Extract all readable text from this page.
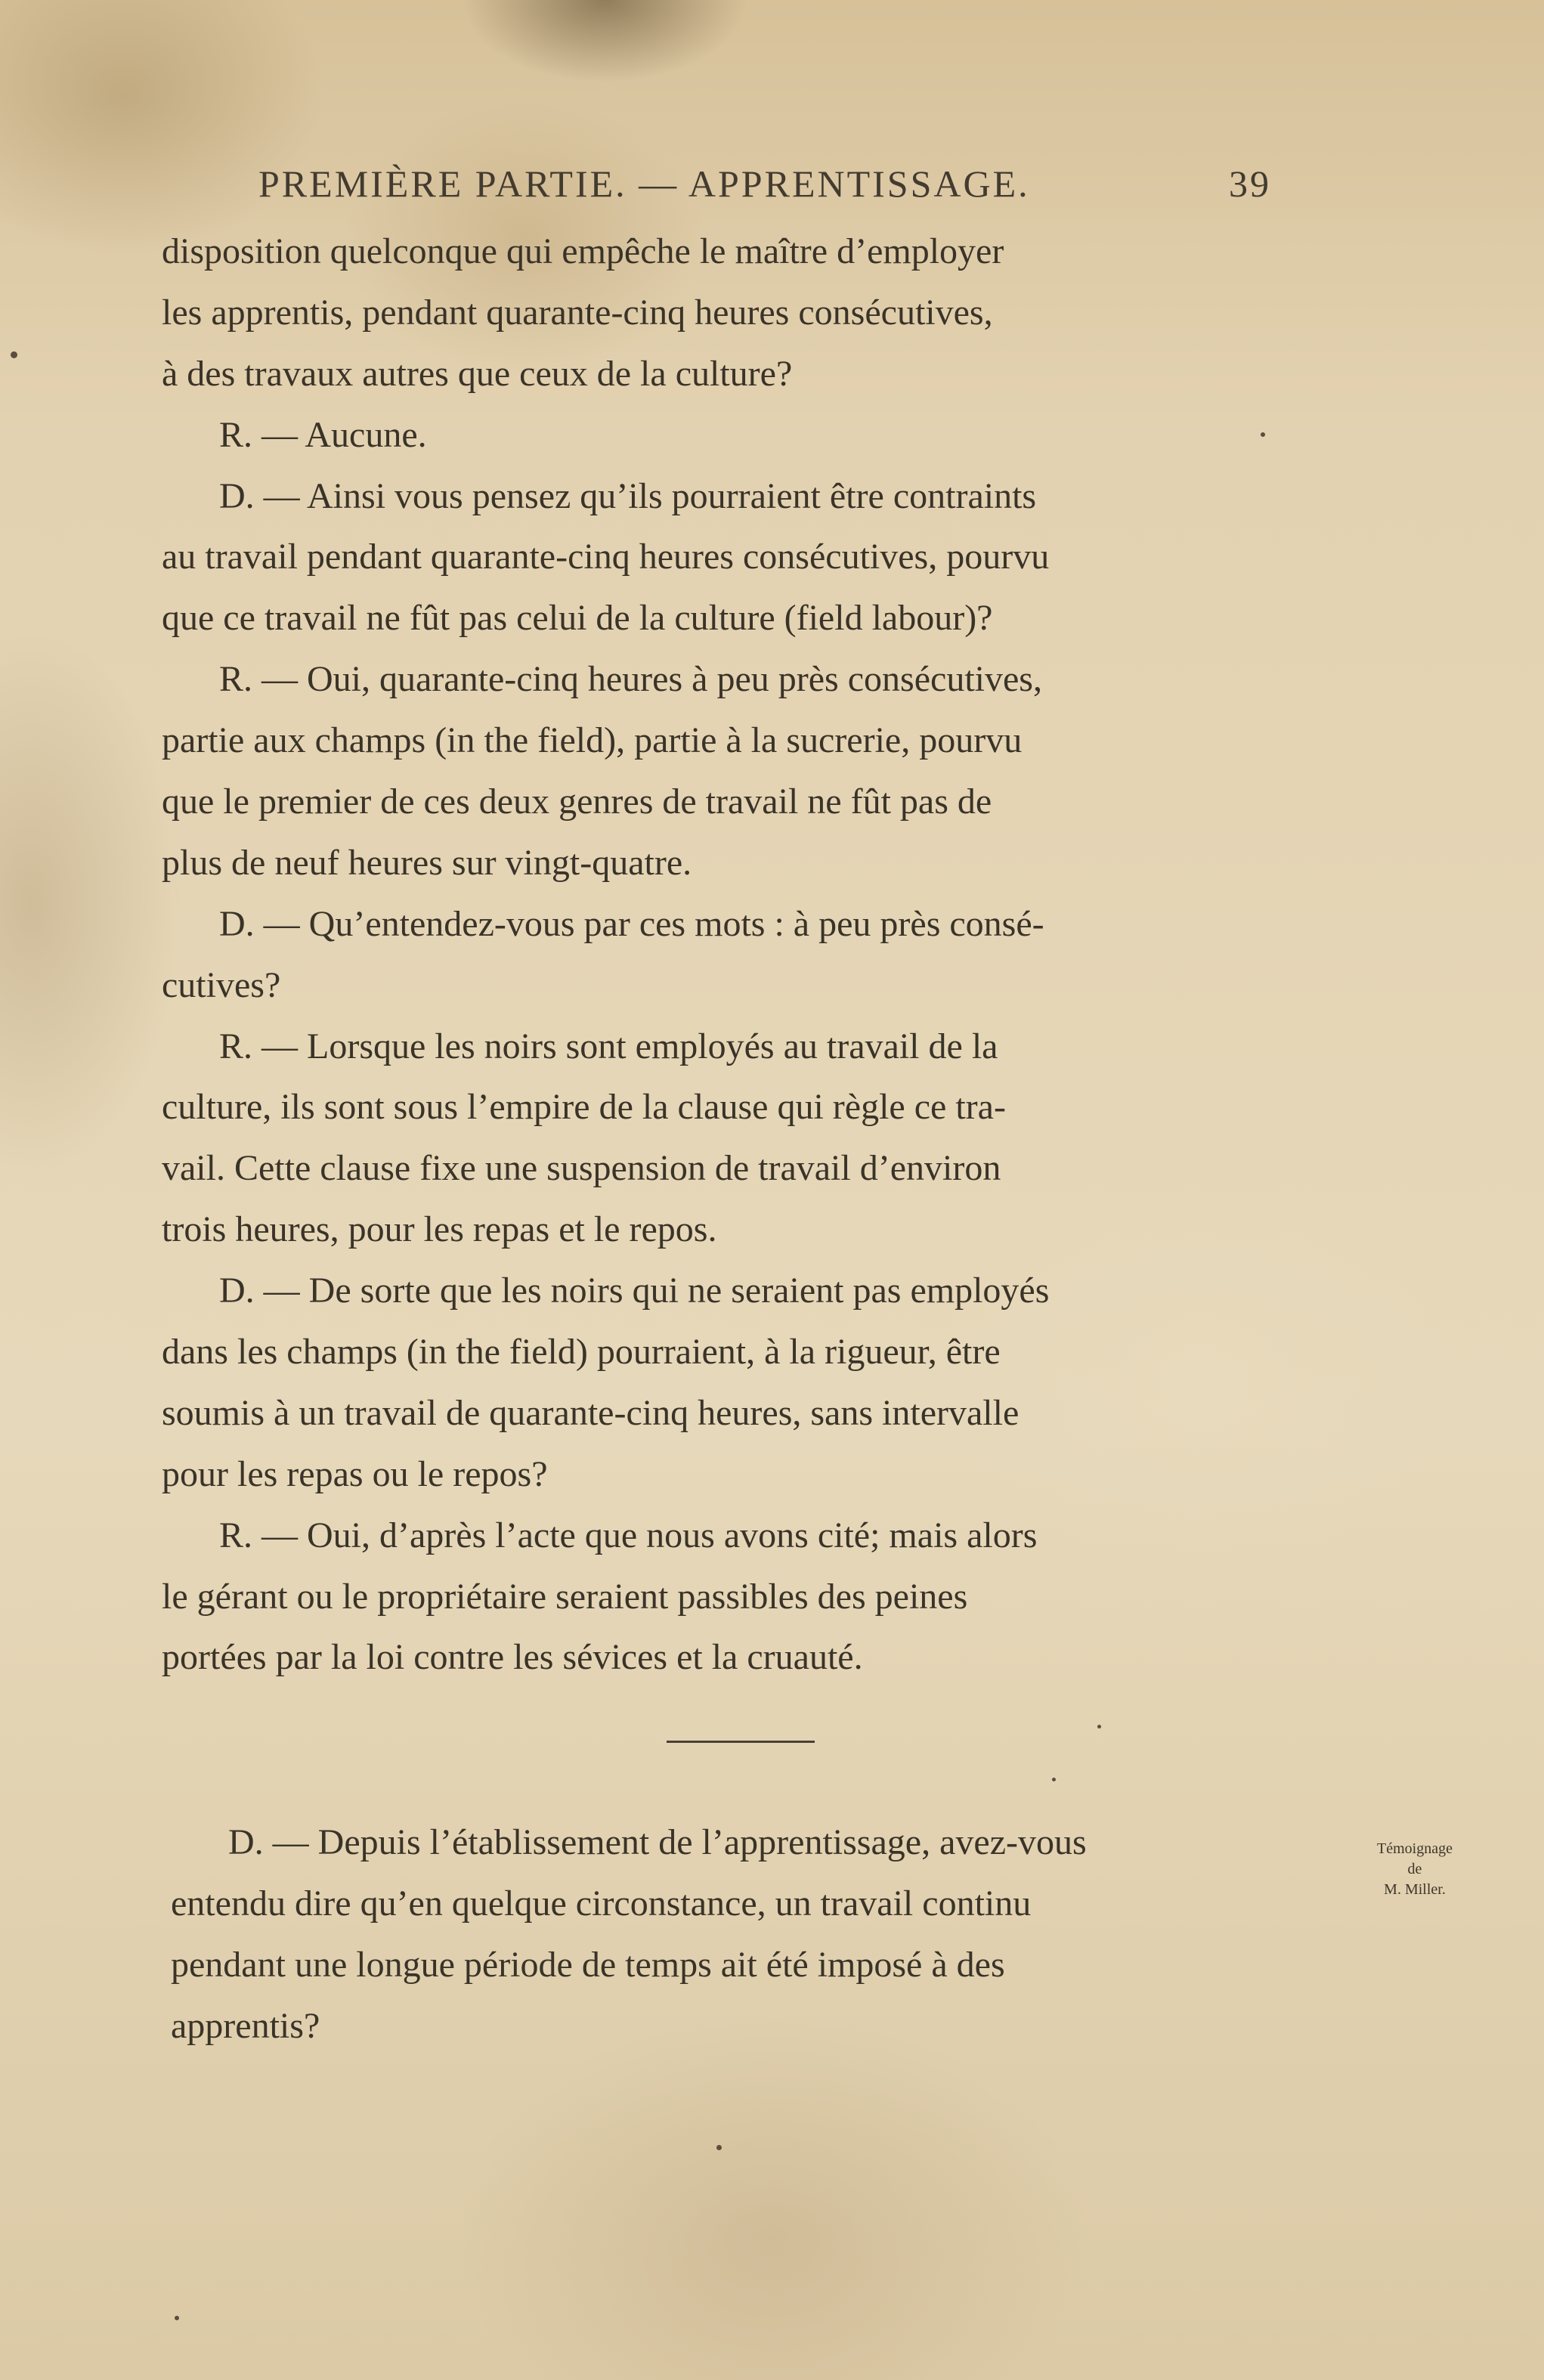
PREMIÈRE PARTIE. — APPRENTISSAGE.	39
disposition quelconque qui empêche le maître d’employer
les apprentis, pendant quarante-cinq heures consécutives,
à des travaux autres que ceux de la culture?
R. — Aucune.
D. — Ainsi vous pensez qu’ils pourraient être contraints
au travail pendant quarante-cinq heures consécutives, pourvu
que ce travail ne fût pas celui de la culture (field labour)?
R. — Oui, quarante-cinq heures à peu près consécutives,
partie aux champs (in the field), partie à la sucrerie, pourvu
que le premier de ces deux genres de travail ne fût pas de
plus de neuf heures sur vingt-quatre.
D. — Qu’entendez-vous par ces mots : à peu près consé-
cutives?
R. — Lorsque les noirs sont employés au travail de la
culture, ils sont sous l’empire de la clause qui règle ce tra-
vail. Cette clause fixe une suspension de travail d’environ
trois heures, pour les repas et le repos.
D. — De sorte que les noirs qui ne seraient pas employés
dans les champs (in the field) pourraient, à la rigueur, être
soumis à un travail de quarante-cinq heures, sans intervalle
pour les repas ou le repos?
R. — Oui, d’après l’acte que nous avons cité; mais alors
le gérant ou le propriétaire seraient passibles des peines
portées par la loi contre les sévices et la cruauté.
D. — Depuis l’établissement de l’apprentissage, avez-vous
entendu dire qu’en quelque circonstance, un travail continu
pendant une longue période de temps ait été imposé à des
apprentis?
Témoignage
de
M. Miller.
